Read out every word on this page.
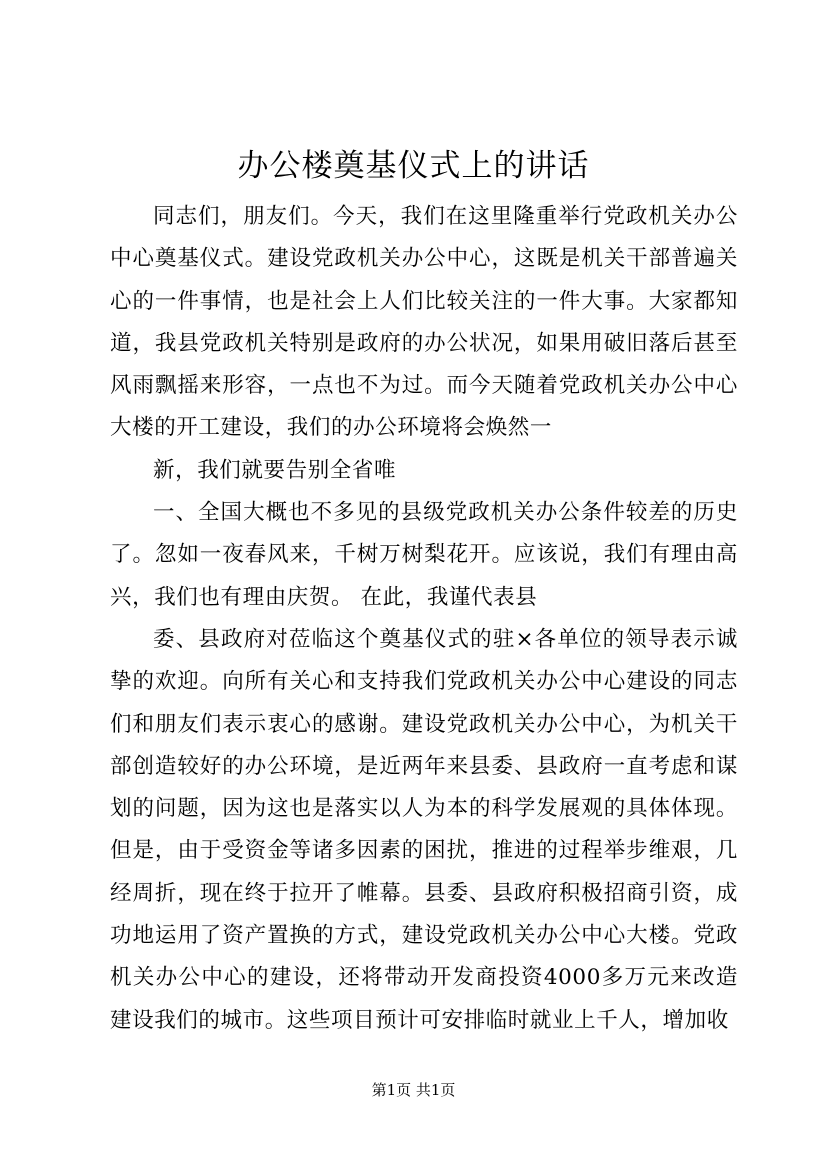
办公楼奠基仪式上的讲话

同志们，朋友们。今天，我们在这里隆重举行党政机关办公中心奠基仪式。建设党政机关办公中心，这既是机关干部普遍关心的一件事情，也是社会上人们比较关注的一件大事。大家都知道，我县党政机关特别是政府的办公状况，如果用破旧落后甚至风雨飘摇来形容，一点也不为过。而今天随着党政机关办公中心大楼的开工建设，我们的办公环境将会焕然一

新，我们就要告别全省唯

一、全国大概也不多见的县级党政机关办公条件较差的历史了。忽如一夜春风来，千树万树梨花开。应该说，我们有理由高兴，我们也有理由庆贺。 在此，我谨代表县

委、县政府对莅临这个奠基仪式的驻×各单位的领导表示诚挚的欢迎。向所有关心和支持我们党政机关办公中心建设的同志们和朋友们表示衷心的感谢。建设党政机关办公中心，为机关干部创造较好的办公环境，是近两年来县委、县政府一直考虑和谋划的问题，因为这也是落实以人为本的科学发展观的具体体现。但是，由于受资金等诸多因素的困扰，推进的过程举步维艰，几经周折，现在终于拉开了帷幕。县委、县政府积极招商引资，成功地运用了资产置换的方式，建设党政机关办公中心大楼。党政机关办公中心的建设，还将带动开发商投资4000多万元来改造建设我们的城市。这些项目预计可安排临时就业上千人，增加收

第1页 共1页
